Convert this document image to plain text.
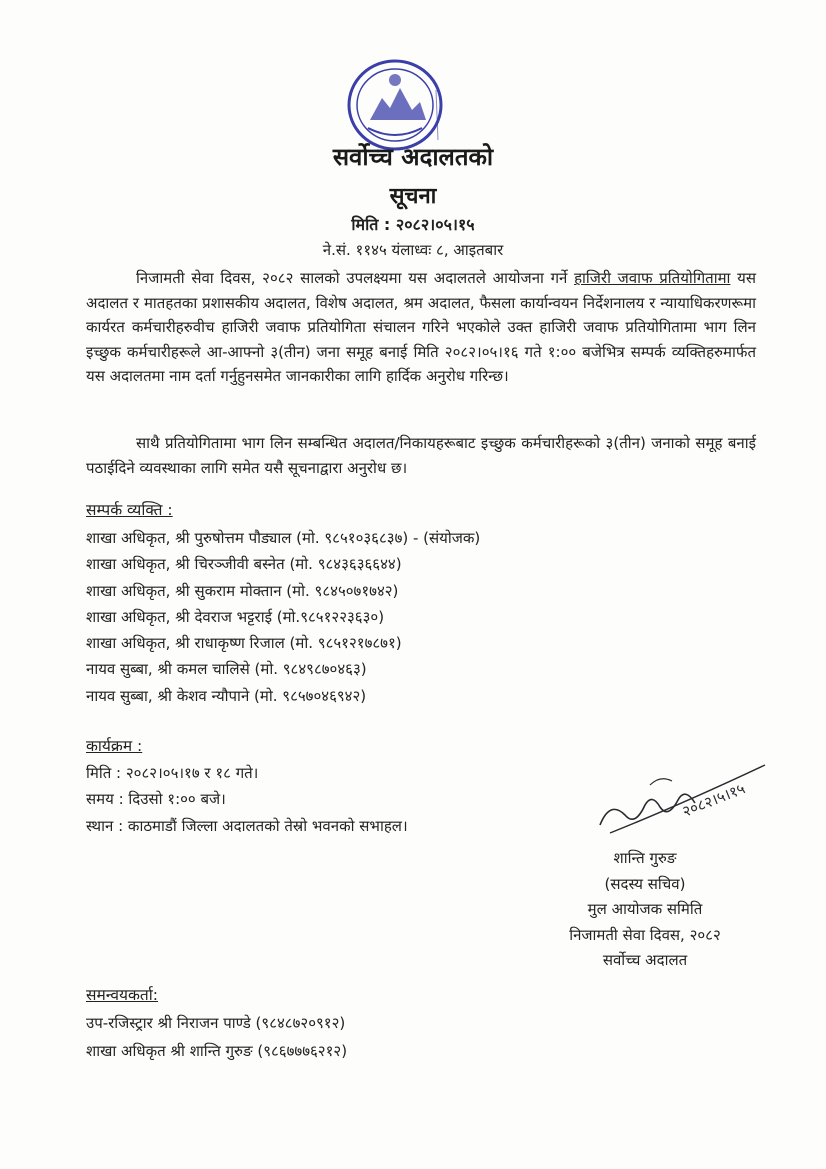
सर्वोच्च अदालतको
सूचना
मिति : २०८२।०५।१५
ने.सं. ११४५ यंलाध्वः ८, आइतबार
निजामती सेवा दिवस, २०८२ सालको उपलक्ष्यमा यस अदालतले आयोजना गर्ने हाजिरी जवाफ प्रतियोगितामा यस अदालत र मातहतका प्रशासकीय अदालत, विशेष अदालत, श्रम अदालत, फैसला कार्यान्वयन निर्देशनालय र न्यायाधिकरणरूमा कार्यरत कर्मचारीहरुवीच हाजिरी जवाफ प्रतियोगिता संचालन गरिने भएकोले उक्त हाजिरी जवाफ प्रतियोगितामा भाग लिन इच्छुक कर्मचारीहरूले आ-आफ्नो ३(तीन) जना समूह बनाई मिति २०८२।०५।१६ गते १:०० बजेभित्र सम्पर्क व्यक्तिहरुमार्फत यस अदालतमा नाम दर्ता गर्नुहुनसमेत जानकारीका लागि हार्दिक अनुरोध गरिन्छ।
साथै प्रतियोगितामा भाग लिन सम्बन्धित अदालत/निकायहरूबाट इच्छुक कर्मचारीहरूको ३(तीन) जनाको समूह बनाई पठाईदिने व्यवस्थाका लागि समेत यसै सूचनाद्वारा अनुरोध छ।
सम्पर्क व्यक्ति :
शाखा अधिकृत, श्री पुरुषोत्तम पौड्याल (मो. ९८५१०३६८३७) - (संयोजक)
शाखा अधिकृत, श्री चिरञ्जीवी बस्नेत (मो. ९८४३६३६६४४)
शाखा अधिकृत, श्री सुकराम मोक्तान (मो. ९८४५०७१७४२)
शाखा अधिकृत, श्री देवराज भट्टराई (मो.९८५१२२३६३०)
शाखा अधिकृत, श्री राधाकृष्ण रिजाल (मो. ९८५१२१७८७१)
नायव सुब्बा, श्री कमल चालिसे (मो. ९८४९८७०४६३)
नायव सुब्बा, श्री केशव न्यौपाने (मो. ९८५७०४६९४२)
कार्यक्रम :
मिति : २०८२।०५।१७ र १८ गते।
समय : दिउसो १:०० बजे।
स्थान : काठमाडौं जिल्ला अदालतको तेस्रो भवनको सभाहल।
२०८२।५।१५
शान्ति गुरुङ
(सदस्य सचिव)
मुल आयोजक समिति
निजामती सेवा दिवस, २०८२
सर्वोच्च अदालत
समन्वयकर्ता:
उप-रजिस्ट्रार श्री निराजन पाण्डे (९८४८७२०९१२)
शाखा अधिकृत श्री शान्ति गुरुङ (९८६७७७६२१२)
